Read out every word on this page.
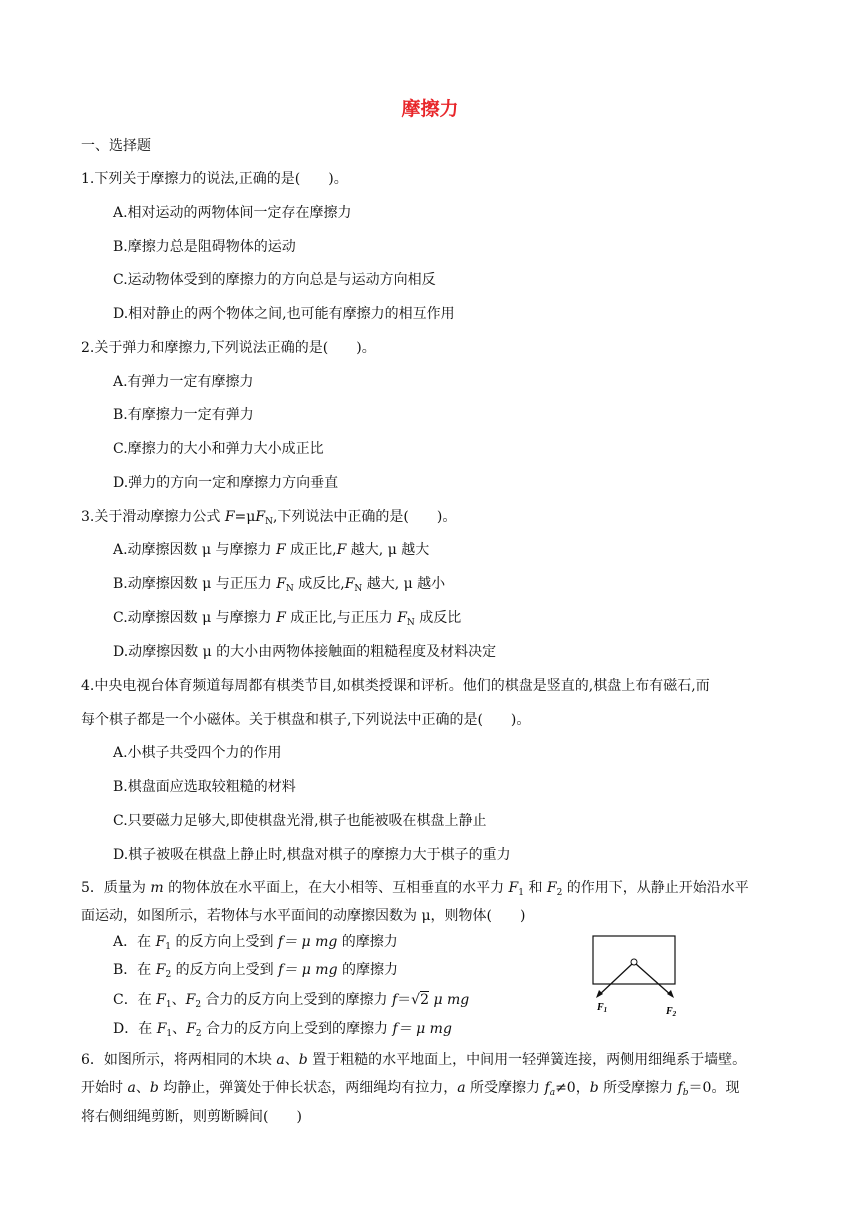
摩擦力
一、选择题
1.下列关于摩擦力的说法,正确的是(　　)。
A.相对运动的两物体间一定存在摩擦力
B.摩擦力总是阻碍物体的运动
C.运动物体受到的摩擦力的方向总是与运动方向相反
D.相对静止的两个物体之间,也可能有摩擦力的相互作用
2.关于弹力和摩擦力,下列说法正确的是(　　)。
A.有弹力一定有摩擦力
B.有摩擦力一定有弹力
C.摩擦力的大小和弹力大小成正比
D.弹力的方向一定和摩擦力方向垂直
3.关于滑动摩擦力公式 $F=\mu F_N$,下列说法中正确的是(　　)。
A.动摩擦因数 μ 与摩擦力 F 成正比,F 越大, μ 越大
B.动摩擦因数 μ 与正压力 $F_N$ 成反比$,F_N$ 越大, μ 越小
C.动摩擦因数 μ 与摩擦力 F 成正比,与正压力 $F_N$ 成反比
D.动摩擦因数 μ 的大小由两物体接触面的粗糙程度及材料决定
4.中央电视台体育频道每周都有棋类节目,如棋类授课和评析。他们的棋盘是竖直的,棋盘上布有磁石,而
每个棋子都是一个小磁体。关于棋盘和棋子,下列说法中正确的是(　　)。
A.小棋子共受四个力的作用
B.棋盘面应选取较粗糙的材料
C.只要磁力足够大,即使棋盘光滑,棋子也能被吸在棋盘上静止
D.棋子被吸在棋盘上静止时,棋盘对棋子的摩擦力大于棋子的重力
5．质量为 m 的物体放在水平面上，在大小相等、互相垂直的水平力 $F_1$ 和 $F_2$ 的作用下，从静止开始沿水平
面运动，如图所示，若物体与水平面间的动摩擦因数为 μ，则物体(　　)
A．在 $F_1$ 的反方向上受到 f＝ μ mg 的摩擦力
B．在 $F_2$ 的反方向上受到 f＝ μ mg 的摩擦力
C．在 $F_1$、$F_2$ 合力的反方向上受到的摩擦力 f＝√2 μ mg
D．在 $F_1$、$F_2$ 合力的反方向上受到的摩擦力 f＝ μ mg
$F_1$	$F_2$
6．如图所示，将两相同的木块 a、b 置于粗糙的水平地面上，中间用一轻弹簧连接，两侧用细绳系于墙壁。
开始时 a、b 均静止，弹簧处于伸长状态，两细绳均有拉力，a 所受摩擦力 $f_a\ne 0$，b 所受摩擦力 $f_b=0$。现
将右侧细绳剪断，则剪断瞬间(　　)
